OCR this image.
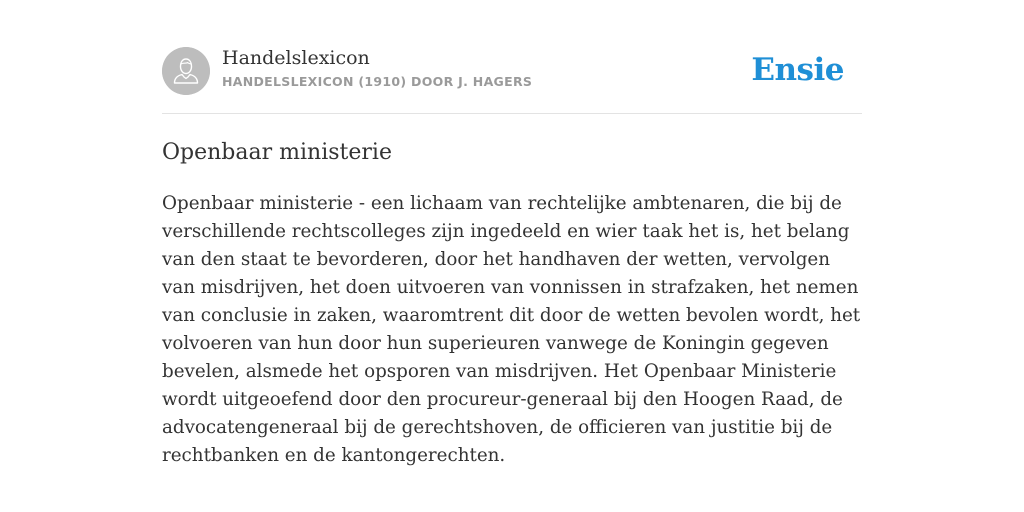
Handelslexicon
HANDELSLEXICON (1910) DOOR J. HAGERS	Ensie
Openbaar ministerie

Openbaar ministerie - een lichaam van rechtelijke ambtenaren, die bij de verschillende rechtscolleges zijn ingedeeld en wier taak het is, het belang van den staat te bevorderen, door het handhaven der wetten, vervolgen van misdrijven, het doen uitvoeren van vonnissen in strafzaken, het nemen van conclusie in zaken, waaromtrent dit door de wetten bevolen wordt, het volvoeren van hun door hun superieuren vanwege de Koningin gegeven bevelen, alsmede het opsporen van misdrijven. Het Openbaar Ministerie wordt uitgeoefend door den procureur-generaal bij den Hoogen Raad, de advocatengeneraal bij de gerechtshoven, de officieren van justitie bij de rechtbanken en de kantongerechten.
